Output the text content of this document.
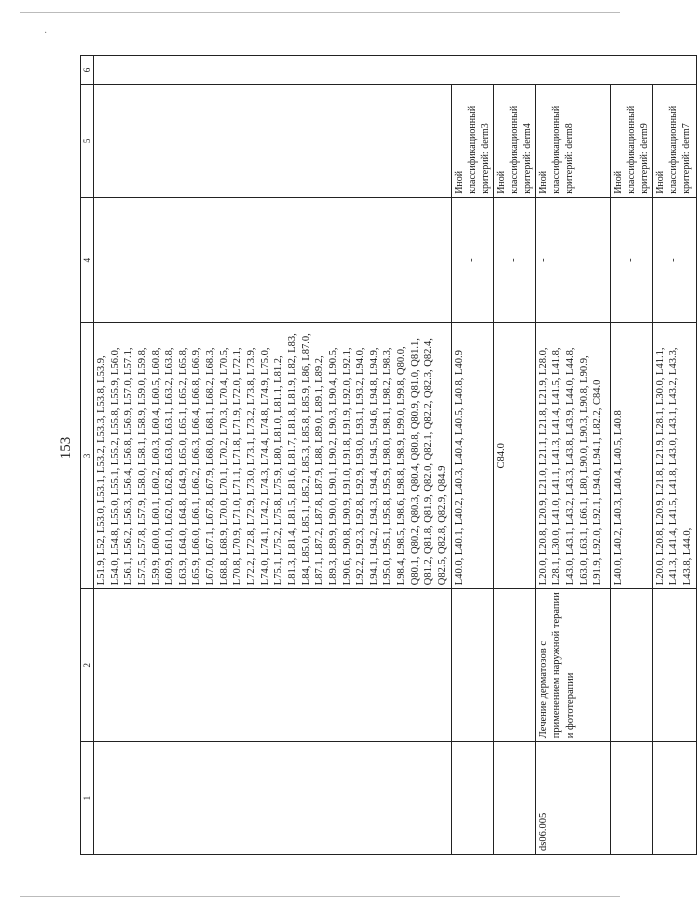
·
153
1	2	3	4	5	6
		L51.9, L52, L53.0, L53.1, L53.2, L53.3, L53.8, L53.9, L54.0, L54.8, L55.0, L55.1, L55.2, L55.8, L55.9, L56.0, L56.1, L56.2, L56.3, L56.4, L56.8, L56.9, L57.0, L57.1, L57.5, L57.8, L57.9, L58.0, L58.1, L58.9, L59.0, L59.8, L59.9, L60.0, L60.1, L60.2, L60.3, L60.4, L60.5, L60.8, L60.9, L61.0, L62.0, L62.8, L63.0, L63.1, L63.2, L63.8, L63.9, L64.0, L64.8, L64.9, L65.0, L65.1, L65.2, L65.8, L65.9, L66.0, L66.1, L66.2, L66.3, L66.4, L66.8, L66.9, L67.0, L67.1, L67.8, L67.9, L68.0, L68.1, L68.2, L68.3, L68.8, L68.9, L70.0, L70.1, L70.2, L70.3, L70.4, L70.5, L70.8, L70.9, L71.0, L71.1, L71.8, L71.9, L72.0, L72.1, L72.2, L72.8, L72.9, L73.0, L73.1, L73.2, L73.8, L73.9, L74.0, L74.1, L74.2, L74.3, L74.4, L74.8, L74.9, L75.0, L75.1, L75.2, L75.8, L75.9, L80, L81.0, L81.1, L81.2, L81.3, L81.4, L81.5, L81.6, L81.7, L81.8, L81.9, L82, L83, L84, L85.0, L85.1, L85.2, L85.3, L85.8, L85.9, L86, L87.0, L87.1, L87.2, L87.8, L87.9, L88, L89.0, L89.1, L89.2, L89.3, L89.9, L90.0, L90.1, L90.2, L90.3, L90.4, L90.5, L90.6, L90.8, L90.9, L91.0, L91.8, L91.9, L92.0, L92.1, L92.2, L92.3, L92.8, L92.9, L93.0, L93.1, L93.2, L94.0, L94.1, L94.2, L94.3, L94.4, L94.5, L94.6, L94.8, L94.9, L95.0, L95.1, L95.8, L95.9, L98.0, L98.1, L98.2, L98.3, L98.4, L98.5, L98.6, L98.8, L98.9, L99.0, L99.8, Q80.0, Q80.1, Q80.2, Q80.3, Q80.4, Q80.8, Q80.9, Q81.0, Q81.1, Q81.2, Q81.8, Q81.9, Q82.0, Q82.1, Q82.2, Q82.3, Q82.4, Q82.5, Q82.8, Q82.9, Q84.9			
		L40.0, L40.1, L40.2, L40.3, L40.4, L40.5, L40.8, L40.9	-	Иной классификационный критерий: derm3	
		C84.0	-	Иной классификационный критерий: derm4	
ds06.005	Лечение дерматозов с применением наружной терапии и фототерапии	L20.0, L20.8, L20.9, L21.0, L21.1, L21.8, L21.9, L28.0, L28.1, L30.0, L41.0, L41.1, L41.3, L41.4, L41.5, L41.8, L43.0, L43.1, L43.2, L43.3, L43.8, L43.9, L44.0, L44.8, L63.0, L63.1, L66.1, L80, L90.0, L90.3, L90.8, L90.9, L91.9, L92.0, L92.1, L94.0, L94.1, L82.2, C84.0	-	Иной классификационный критерий: derm8	
		L40.0, L40.2, L40.3, L40.4, L40.5, L40.8	-	Иной классификационный критерий: derm9	
		L20.0, L20.8, L20.9, L21.8, L21.9, L28.1, L30.0, L41.1, L41.3, L41.4, L41.5, L41.8, L43.0, L43.1, L43.2, L43.3, L43.8, L44.0,	-	Иной классификационный критерий: derm7	
